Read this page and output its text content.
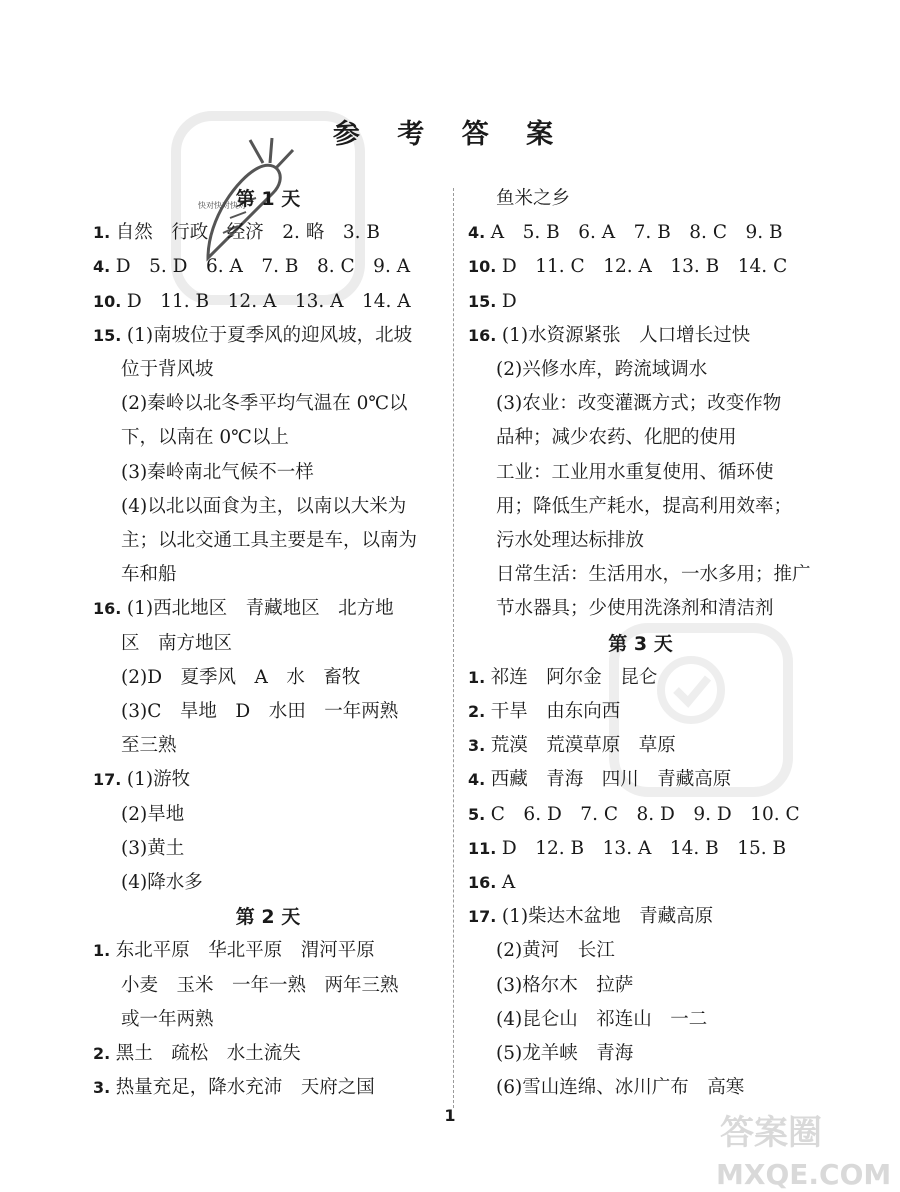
快对快对快对
参 考 答 案
第 1 天
1. 自然　行政　经济　2. 略　3. B
4. D　5. D　6. A　7. B　8. C　9. A
10. D　11. B　12. A　13. A　14. A
15. (1)南坡位于夏季风的迎风坡，北坡
位于背风坡
(2)秦岭以北冬季平均气温在 0℃以
下，以南在 0℃以上
(3)秦岭南北气候不一样
(4)以北以面食为主，以南以大米为
主；以北交通工具主要是车，以南为
车和船
16. (1)西北地区　青藏地区　北方地
区　南方地区
(2)D　夏季风　A　水　畜牧
(3)C　旱地　D　水田　一年两熟
至三熟
17. (1)游牧
(2)旱地
(3)黄土
(4)降水多
第 2 天
1. 东北平原　华北平原　渭河平原
小麦　玉米　一年一熟　两年三熟
或一年两熟
2. 黑土　疏松　水土流失
3. 热量充足，降水充沛　天府之国
鱼米之乡
4. A　5. B　6. A　7. B　8. C　9. B
10. D　11. C　12. A　13. B　14. C
15. D
16. (1)水资源紧张　人口增长过快
(2)兴修水库，跨流域调水
(3)农业：改变灌溉方式；改变作物
品种；减少农药、化肥的使用
工业：工业用水重复使用、循环使
用；降低生产耗水，提高利用效率；
污水处理达标排放
日常生活：生活用水，一水多用；推广
节水器具；少使用洗涤剂和清洁剂
第 3 天
1. 祁连　阿尔金　昆仑
2. 干旱　由东向西
3. 荒漠　荒漠草原　草原
4. 西藏　青海　四川　青藏高原
5. C　6. D　7. C　8. D　9. D　10. C
11. D　12. B　13. A　14. B　15. B
16. A
17. (1)柴达木盆地　青藏高原
(2)黄河　长江
(3)格尔木　拉萨
(4)昆仑山　祁连山　一二
(5)龙羊峡　青海
(6)雪山连绵、冰川广布　高寒
1	答案圈
MXQE.COM
